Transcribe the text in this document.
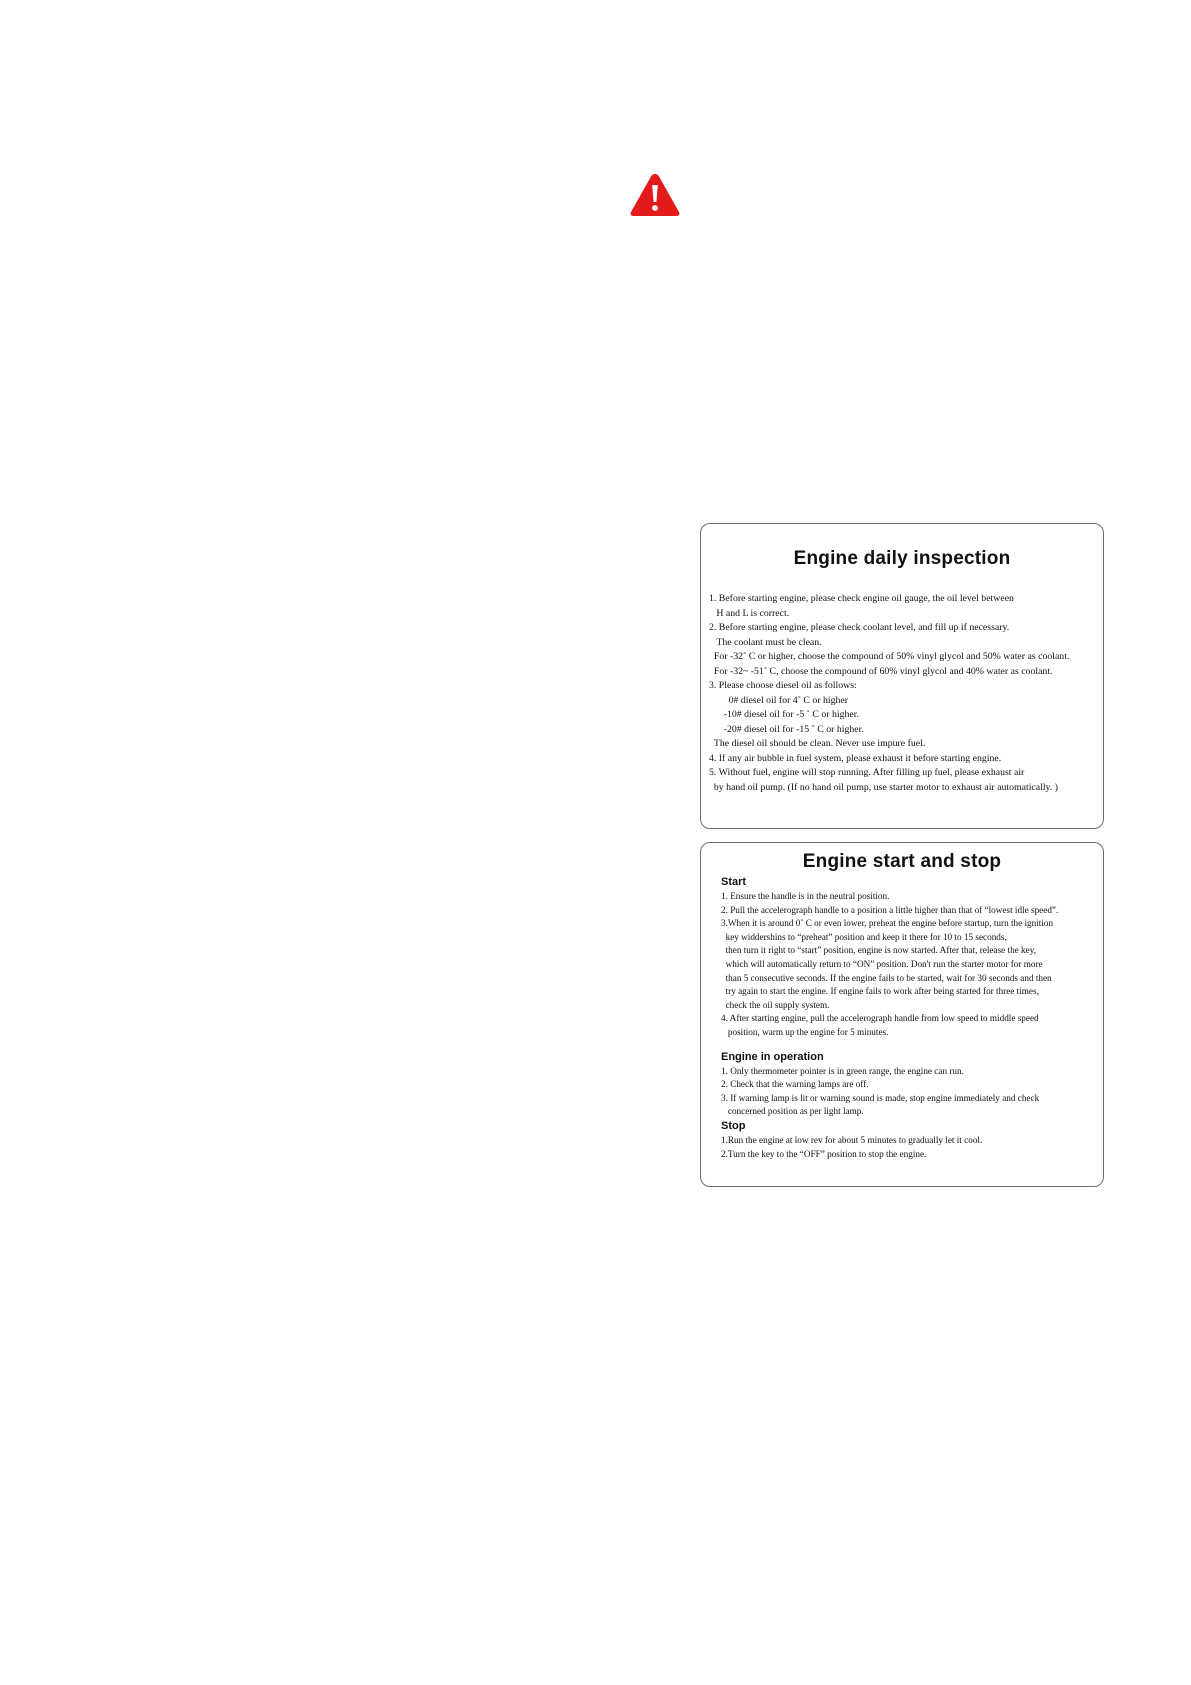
Engine daily inspection
1. Before starting engine, please check engine oil gauge, the oil level between
H and L is correct.
2. Before starting engine, please check coolant level, and fill up if necessary.
The coolant must be clean.
For -32˚ C or higher, choose the compound of 50% vinyl glycol and 50% water as coolant.
For -32~ -51˚ C, choose the compound of 60% vinyl glycol and 40% water as coolant.
3. Please choose diesel oil as follows:
0# diesel oil for 4˚ C or higher
-10# diesel oil for -5 ˚ C or higher.
-20# diesel oil for -15 ˚ C or higher.
The diesel oil should be clean. Never use impure fuel.
4. If any air bubble in fuel system, please exhaust it before starting engine.
5. Without fuel, engine will stop running. After filling up fuel, please exhaust air
by hand oil pump. (If no hand oil pump, use starter motor to exhaust air automatically. )
Engine start and stop
Start
1. Ensure the handle is in the neutral position.
2. Pull the accelerograph handle to a position a little higher than that of “lowest idle speed”.
3.When it is around 0˚ C or even lower, preheat the engine before startup, turn the ignition
key widdershins to “preheat” position and keep it there for 10 to 15 seconds,
then turn it right to “start” position, engine is now started. After that, release the key,
which will automatically return to “ON” position. Don't run the starter motor for more
than 5 consecutive seconds. If the engine fails to be started, wait for 30 seconds and then
try again to start the engine. If engine fails to work after being started for three times,
check the oil supply system.
4. After starting engine, pull the accelerograph handle from low speed to middle speed
position, warm up the engine for 5 minutes.
Engine in operation
1. Only thermometer pointer is in green range, the engine can run.
2. Check that the warning lamps are off.
3. If warning lamp is lit or warning sound is made, stop engine immediately and check
concerned position as per light lamp.
Stop
1.Run the engine at low rev for about 5 minutes to gradually let it cool.
2.Turn the key to the “OFF” position to stop the engine.
